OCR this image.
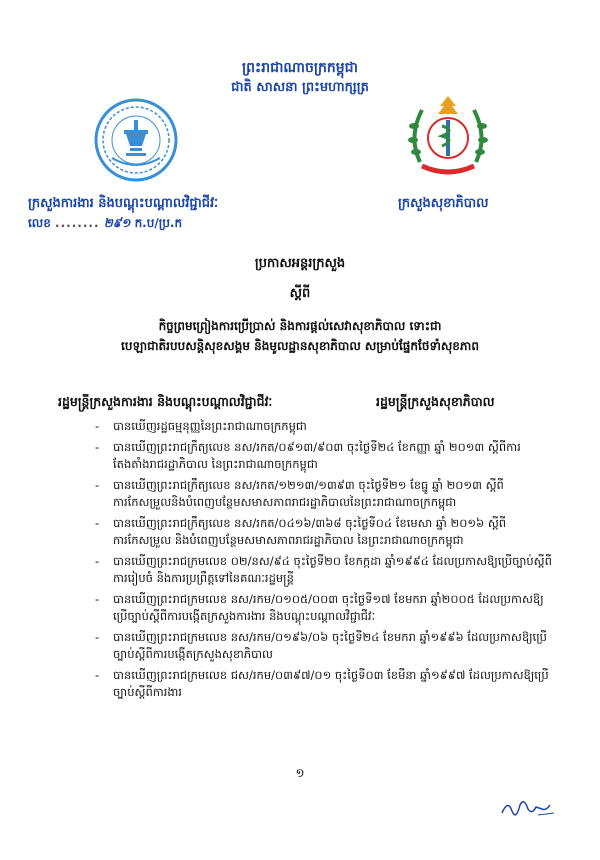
ព្រះរាជាណាចក្រកម្ពុជា
ជាតិ សាសនា ព្រះមហាក្សត្រ
ក្រសួងការងារ និងបណ្តុះបណ្តាលវិជ្ជាជីវៈ	ក្រសួងសុខាភិបាល
លេខ ........ ២៩១ ក.ប/ប្រ.ក
ប្រកាសអន្តរក្រសួង
ស្តីពី
កិច្ចព្រមព្រៀងការប្រើប្រាស់ និងការផ្តល់សេវាសុខាភិបាល ទោះជា
បេឡាជាតិរបបសន្តិសុខសង្គម និងមូលដ្ឋានសុខាភិបាល សម្រាប់ផ្នែកថែទាំសុខភាព
រដ្ឋមន្ត្រីក្រសួងការងារ និងបណ្តុះបណ្តាលវិជ្ជាជីវៈ	រដ្ឋមន្ត្រីក្រសួងសុខាភិបាល
- បានឃើញរដ្ឋធម្មនុញ្ញនៃព្រះរាជាណាចក្រកម្ពុជា
- បានឃើញព្រះរាជក្រឹត្យលេខ នស/រកត/០៩១៣/៩០៣ ចុះថ្ងៃទី២៤ ខែកញ្ញា ឆ្នាំ ២០១៣ ស្តីពីការតែងតាំងរាជរដ្ឋាភិបាល នៃព្រះរាជាណាចក្រកម្ពុជា
- បានឃើញព្រះរាជក្រឹត្យលេខ នស/រកត/១២១៣/១៣៩៣ ចុះថ្ងៃទី២១ ខែធ្នូ ឆ្នាំ ២០១៣ ស្តីពីការកែសម្រួលនិងបំពេញបន្ថែមសមាសភាពរាជរដ្ឋាភិបាលនៃព្រះរាជាណាចក្រកម្ពុជា
- បានឃើញព្រះរាជក្រឹត្យលេខ នស/រកត/០៤១៦/៣៦៨ ចុះថ្ងៃទី០៤ ខែមេសា ឆ្នាំ ២០១៦ ស្តីពីការកែសម្រួល និងបំពេញបន្ថែមសមាសភាពរាជរដ្ឋាភិបាល នៃព្រះរាជាណាចក្រកម្ពុជា
- បានឃើញព្រះរាជក្រមលេខ ០២/នស/៩៤ ចុះថ្ងៃទី២០ ខែកក្កដា ឆ្នាំ១៩៩៤ ដែលប្រកាសឱ្យប្រើច្បាប់ស្តីពីការរៀបចំ និងការប្រព្រឹត្តទៅនៃគណៈរដ្ឋមន្ត្រី
- បានឃើញព្រះរាជក្រមលេខ នស/រកម/០១០៥/០០៣ ចុះថ្ងៃទី១៧ ខែមករា ឆ្នាំ២០០៥ ដែលប្រកាសឱ្យប្រើច្បាប់ស្តីពីការបង្កើតក្រសួងការងារ និងបណ្តុះបណ្តាលវិជ្ជាជីវៈ
- បានឃើញព្រះរាជក្រមលេខ នស/រកម/០១៩៦/០៦ ចុះថ្ងៃទី២៤ ខែមករា ឆ្នាំ១៩៩៦ ដែលប្រកាសឱ្យប្រើច្បាប់ស្តីពីការបង្កើតក្រសួងសុខាភិបាល
- បានឃើញព្រះរាជក្រមលេខ ជស/រកម/០៣៩៧/០១ ចុះថ្ងៃទី០៣ ខែមីនា ឆ្នាំ១៩៩៧ ដែលប្រកាសឱ្យប្រើច្បាប់ស្តីពីការងារ
១
